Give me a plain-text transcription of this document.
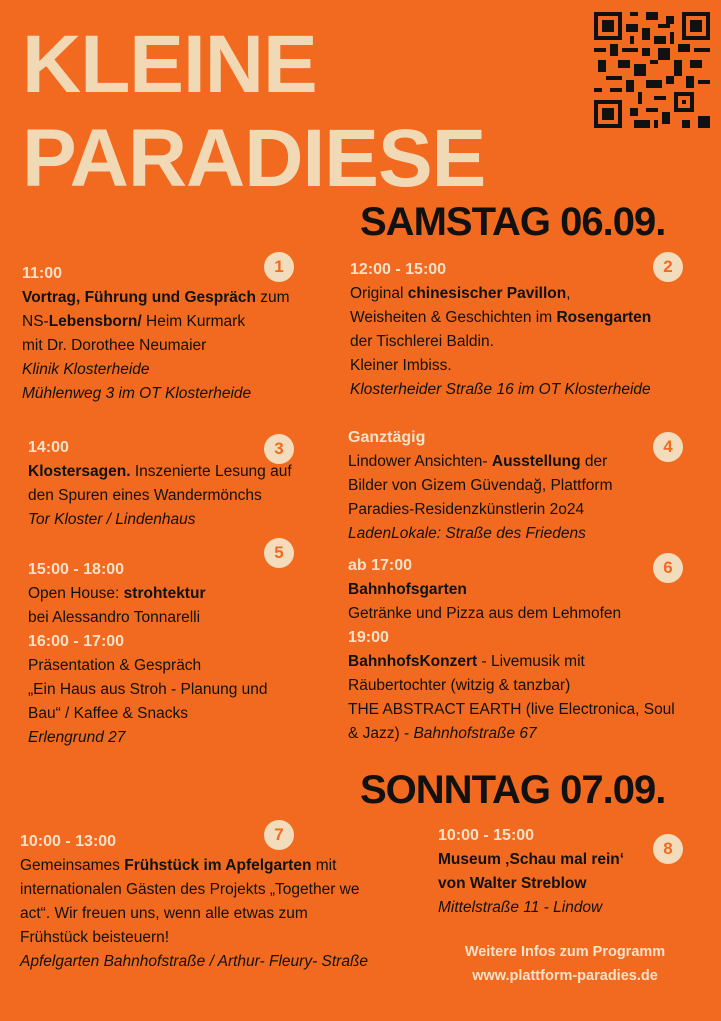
KLEINE
PARADIESE
SAMSTAG 06.09.
1

11:00

Vortrag, Führung und Gespräch zum

NS-Lebensborn/ Heim Kurmark

mit Dr. Dorothee Neumaier

Klinik Klosterheide

Mühlenweg 3 im OT Klosterheide

2

12:00 - 15:00

Original chinesischer Pavillon,

Weisheiten & Geschichten im Rosengarten

der Tischlerei Baldin.

Kleiner Imbiss.

Klosterheider Straße 16 im OT Klosterheide

3

14:00

Klostersagen. Inszenierte Lesung auf

den Spuren eines Wandermönchs

Tor Kloster / Lindenhaus

4

Ganztägig

Lindower Ansichten- Ausstellung der

Bilder von Gizem Güvendağ, Plattform

Paradies-Residenzkünstlerin 2o24

LadenLokale: Straße des Friedens

5

15:00 - 18:00

Open House: strohtektur

bei Alessandro Tonnarelli

16:00 - 17:00

Präsentation & Gespräch

„Ein Haus aus Stroh - Planung und

Bau“ / Kaffee & Snacks

Erlengrund 27

6

ab 17:00

Bahnhofsgarten

Getränke und Pizza aus dem Lehmofen

19:00

BahnhofsKonzert - Livemusik mit

Räubertochter (witzig & tanzbar)

THE ABSTRACT EARTH (live Electronica, Soul

& Jazz) - Bahnhofstraße 67

SONNTAG 07.09.
7

10:00 - 13:00

Gemeinsames Frühstück im Apfelgarten mit

internationalen Gästen des Projekts „Together we

act“. Wir freuen uns, wenn alle etwas zum

Frühstück beisteuern!

Apfelgarten Bahnhofstraße / Arthur- Fleury- Straße

8

10:00 - 15:00

Museum ‚Schau mal rein‘

von Walter Streblow

Mittelstraße 11 - Lindow

Weitere Infos zum Programm
www.plattform-paradies.de
